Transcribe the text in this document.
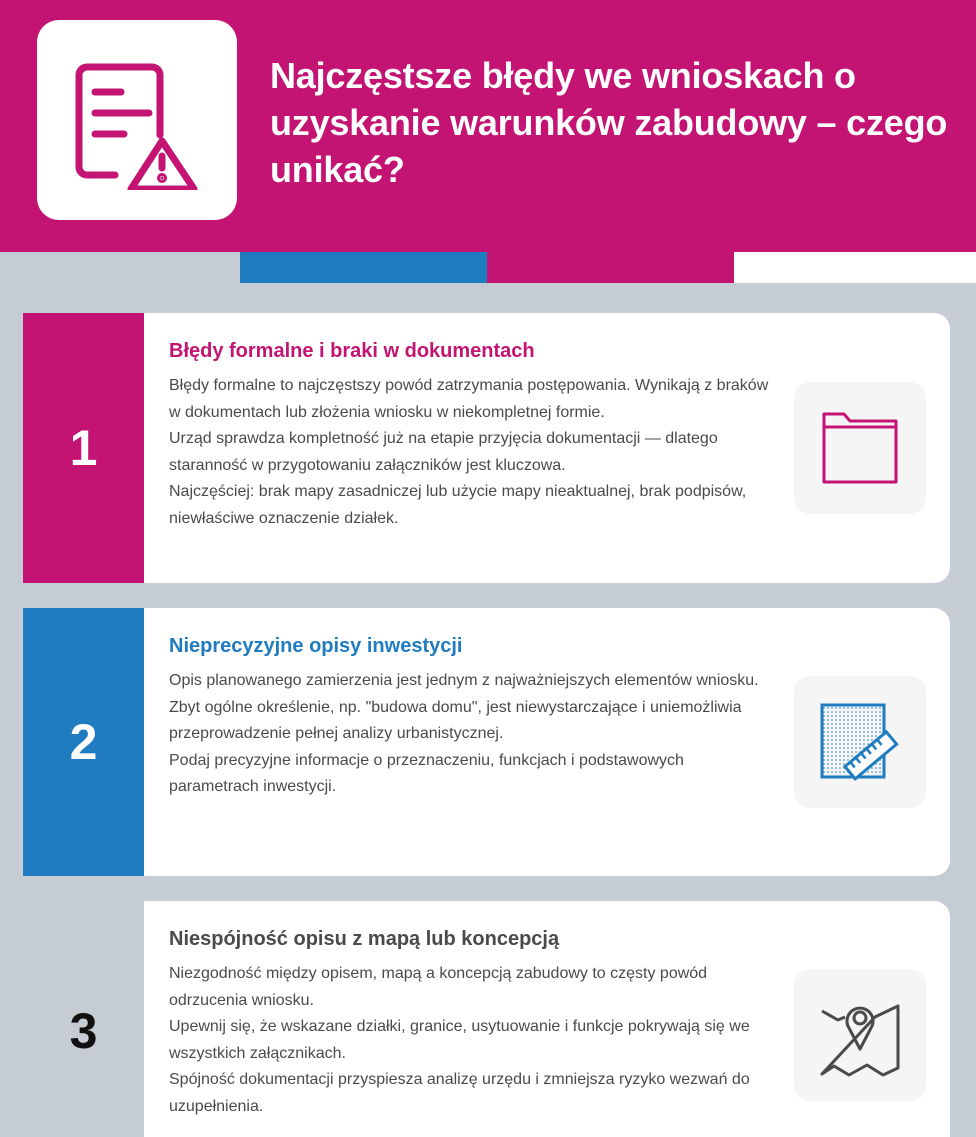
Najczęstsze błędy we wnioskach o uzyskanie warunków zabudowy – czego unikać?
1
Błędy formalne i braki w dokumentach

Błędy formalne to najczęstszy powód zatrzymania postępowania. Wynikają z braków w dokumentach lub złożenia wniosku w niekompletnej formie.

Urząd sprawdza kompletność już na etapie przyjęcia dokumentacji — dlatego staranność w przygotowaniu załączników jest kluczowa.

Najczęściej: brak mapy zasadniczej lub użycie mapy nieaktualnej, brak podpisów, niewłaściwe oznaczenie działek.

2
Nieprecyzyjne opisy inwestycji

Opis planowanego zamierzenia jest jednym z najważniejszych elementów wniosku.

Zbyt ogólne określenie, np. "budowa domu", jest niewystarczające i uniemożliwia przeprowadzenie pełnej analizy urbanistycznej.

Podaj precyzyjne informacje o przeznaczeniu, funkcjach i podstawowych parametrach inwestycji.

3
Niespójność opisu z mapą lub koncepcją

Niezgodność między opisem, mapą a koncepcją zabudowy to częsty powód odrzucenia wniosku.

Upewnij się, że wskazane działki, granice, usytuowanie i funkcje pokrywają się we wszystkich załącznikach.

Spójność dokumentacji przyspiesza analizę urzędu i zmniejsza ryzyko wezwań do uzupełnienia.
